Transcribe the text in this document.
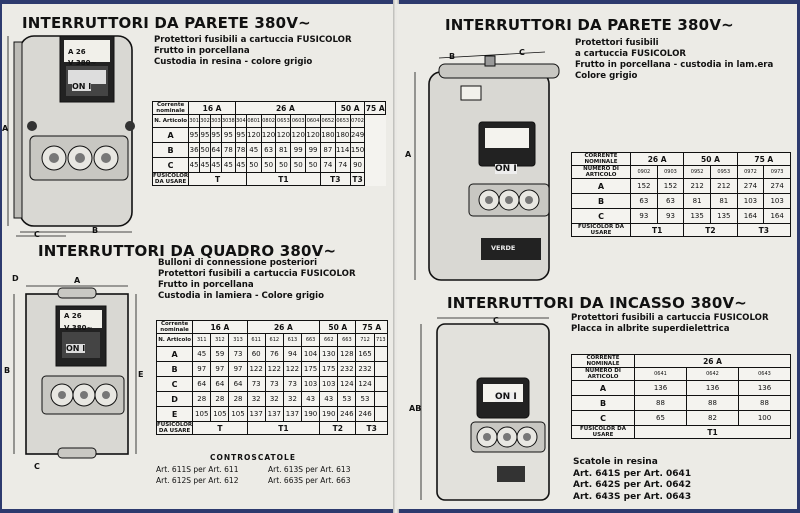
A 26
V 380~
ON I
A
B
C
INTERRUTTORI DA PARETE 380V~
Protettori fusibili a cartuccia FUSICOLOR
Frutto in porcellana
Custodia in resina - colore grigio
Corrente nominale	16 A				26 A							50 A		75 A
N. Articolo	301	302	303	3038	304	0801	0802	0653	0603	0604	0652	0653	0702	
A	95	95	95	95	95	120	120	120	120	120	180	180	249	
B	36	50	64	78	78	45	63	81	99	99	87	114	150	
C	45	45	45	45	45	50	50	50	50	50	74	74	90	
FUSICOLOR DA USARE	T					T1					T3		T3	
INTERRUTTORI DA QUADRO 380V~
Bulloni di connessione posteriori
Protettori fusibili a cartuccia FUSICOLOR
Frutto in porcellana
Custodia in lamiera - Colore grigio
A 26
V 380~
ON I
D	A
B	E
C
Corrente nominale	16 A			26 A				50 A		75 A	
N. Articolo	311	312	313	611	612	613	663	662	663	712	713
A	45	59	73	60	76	94	104	130	128	165	
B	97	97	97	122	122	122	175	175	232	232	
C	64	64	64	73	73	73	103	103	124	124	
D	28	28	28	32	32	32	43	43	53	53	
E	105	105	105	137	137	137	190	190	246	246	
FUSICOLOR DA USARE	T			T1				T2		T3	
CONTROSCATOLE
Art. 611S per Art. 611	Art. 613S per Art. 613
Art. 612S per Art. 612	Art. 663S per Art. 663
INTERRUTTORI DA PARETE 380V~
Protettori fusibili
a cartuccia FUSICOLOR
Frutto in porcellana - custodia in lam.era
Colore grigio
ON I
VERDE
A
B	C
CORRENTE NOMINALE	26 A		50 A		75 A	
NUMERO DI ARTICOLO	0902	0903	0952	0953	0972	0973
A	152	152	212	212	274	274
B	63	63	81	81	103	103
C	93	93	135	135	164	164
FUSICOLOR DA USARE	T1		T2		T3	
INTERRUTTORI DA INCASSO 380V~
Protettori fusibili a cartuccia FUSICOLOR
Placca in albrite superdielettrica
ON I
AB
C
CORRENTE NOMINALE	26 A		
NUMERO DI ARTICOLO	0641	0642	0643
A	136	136	136
B	88	88	88
C	65	82	100
FUSICOLOR DA USARE	T1		
Scatole in resina
Art. 641S per Art. 0641
Art. 642S per Art. 0642
Art. 643S per Art. 0643
